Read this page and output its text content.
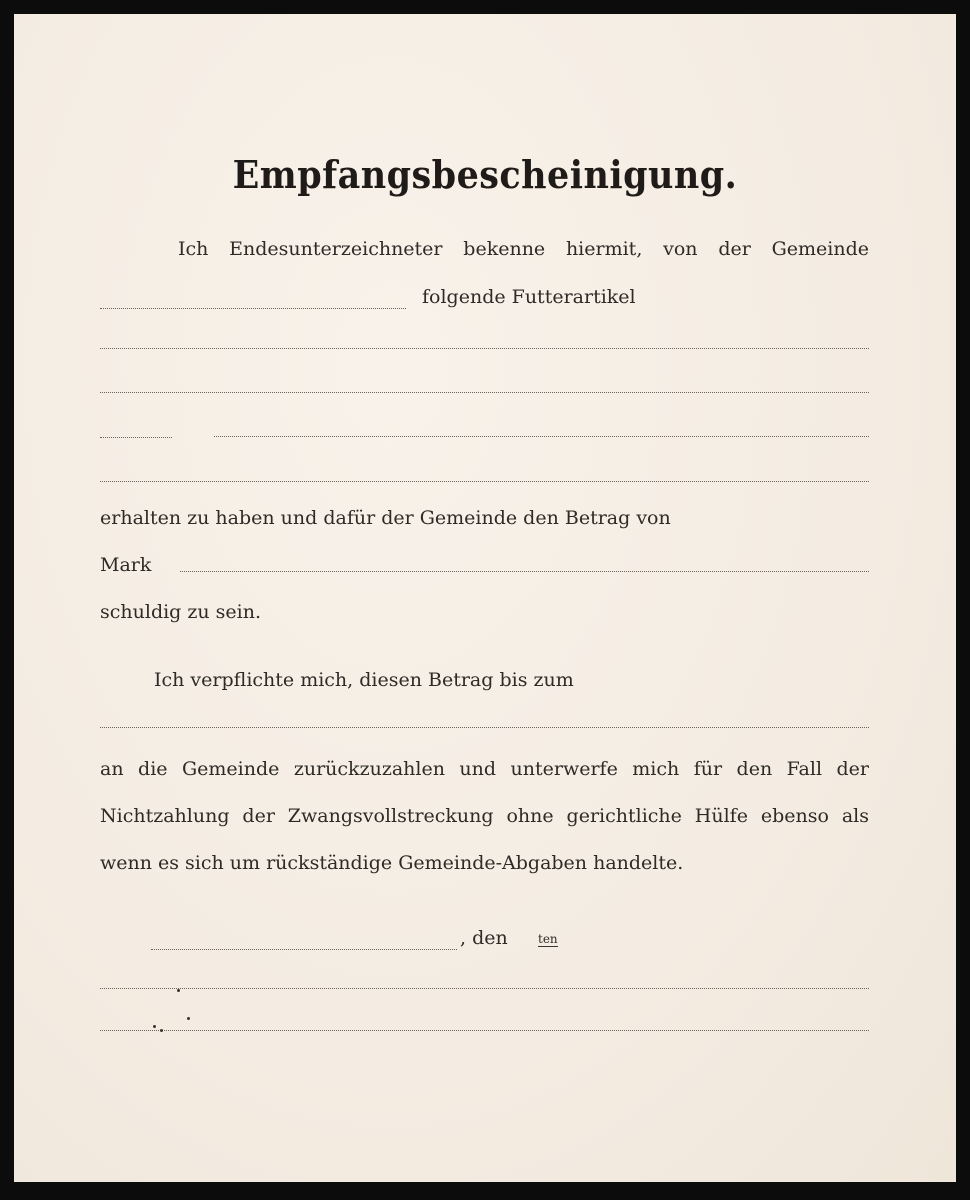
Empfangsbescheinigung.
Ich Endesunterzeichneter bekenne hiermit, von der Gemeinde
folgende Futterartikel
erhalten zu haben und dafür der Gemeinde den Betrag von
Mark
schuldig zu sein.
Ich verpflichte mich, diesen Betrag bis zum
an die Gemeinde zurückzuzahlen und unterwerfe mich für den Fall der
Nichtzahlung der Zwangsvollstreckung ohne gerichtliche Hülfe ebenso als
wenn es sich um rückständige Gemeinde-Abgaben handelte.
, den	ten
